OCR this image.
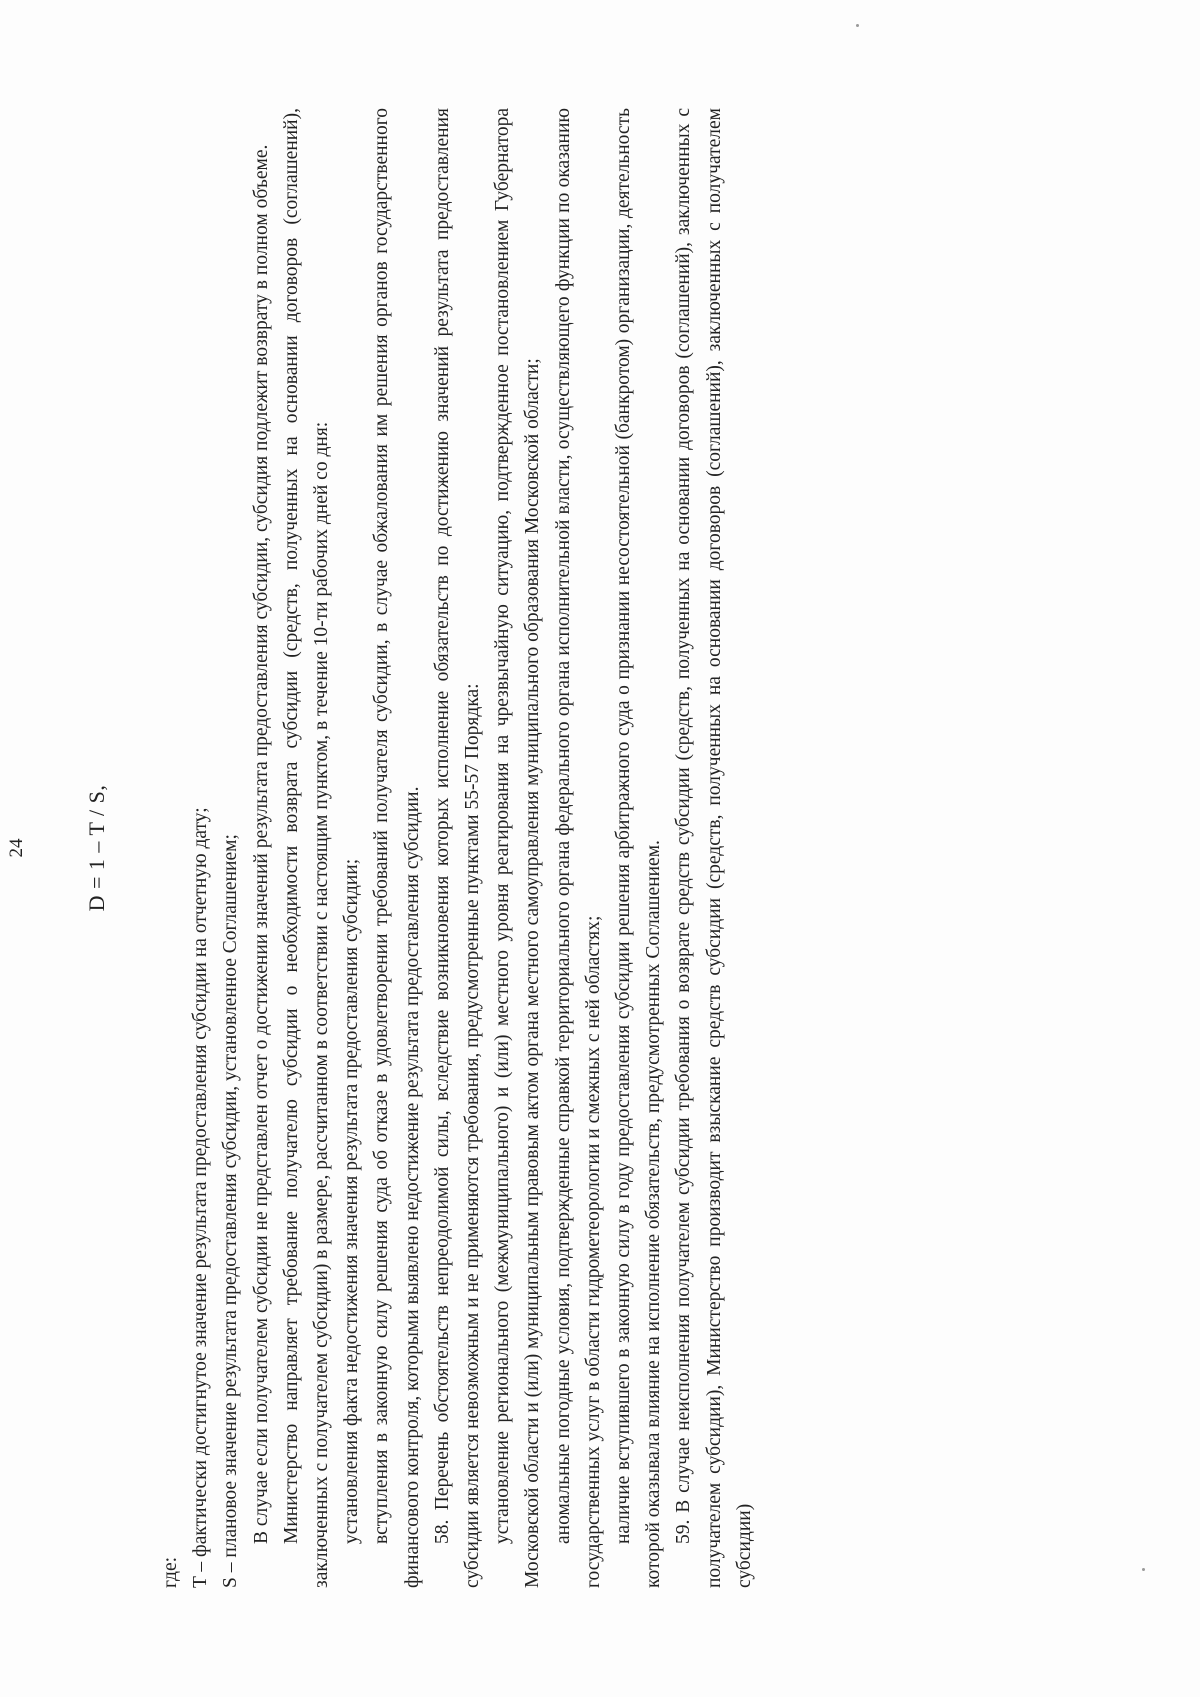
24	D = 1 – T / S,

где: T – фактически достигнутое значение результата предоставления субсидии на отчетную дату; S – плановое значение результата предоставления субсидии, установленное Соглашением; В случае если получателем субсидии не представлен отчет о достижении значений результата предоставления субсидии, субсидия подлежит возврату в полном объеме. Министерство направляет требование получателю субсидии о необходимости возврата субсидии (средств, полученных на основании договоров (соглашений), заключенных с получателем субсидии) в размере, рассчитанном в соответствии с настоящим пунктом, в течение 10-ти рабочих дней со дня: установления факта недостижения значения результата предоставления субсидии; вступления в законную силу решения суда об отказе в удовлетворении требований получателя субсидии, в случае обжалования им решения органов государственного финансового контроля, которыми выявлено недостижение результата предоставления субсидии. 58. Перечень обстоятельств непреодолимой силы, вследствие возникновения которых исполнение обязательств по достижению значений результата предоставления субсидии является невозможным и не применяются требования, предусмотренные пунктами 55-57 Порядка: установление регионального (межмуниципального) и (или) местного уровня реагирования на чрезвычайную ситуацию, подтвержденное постановлением Губернатора Московской области и (или) муниципальным правовым актом органа местного самоуправления муниципального образования Московской области; аномальные погодные условия, подтвержденные справкой территориального органа федерального органа исполнительной власти, осуществляющего функции по оказанию государственных услуг в области гидрометеорологии и смежных с ней областях; наличие вступившего в законную силу в году предоставления субсидии решения арбитражного суда о признании несостоятельной (банкротом) организации, деятельность которой оказывала влияние на исполнение обязательств, предусмотренных Соглашением. 59. В случае неисполнения получателем субсидии требования о возврате средств субсидии (средств, полученных на основании договоров (соглашений), заключенных с получателем субсидии), Министерство производит взыскание средств субсидии (средств, полученных на основании договоров (соглашений), заключенных с получателем субсидии)
